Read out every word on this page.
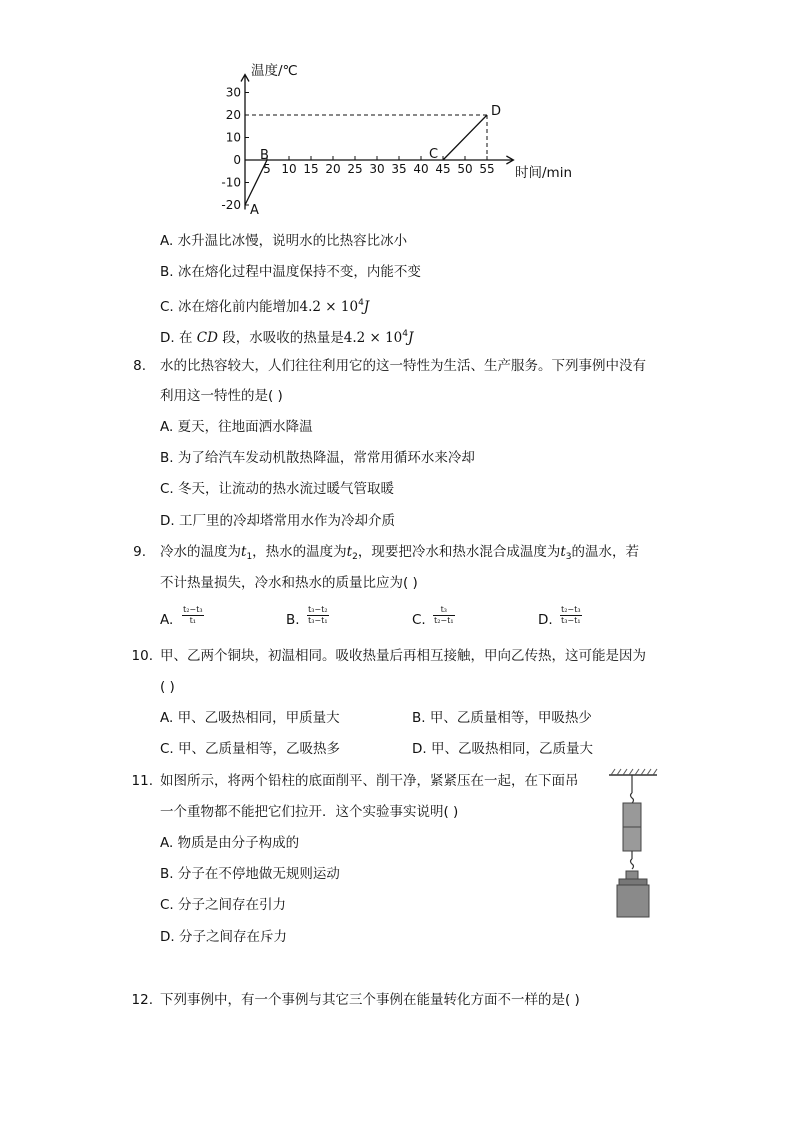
30
20
10
0
-10
-20
5 10 15 20 25 30 35 40 45 50 55
A
B	C
D
温度/℃
时间/min
A. 水升温比冰慢，说明水的比热容比冰小
B. 冰在熔化过程中温度保持不变，内能不变
C. 冰在熔化前内能增加$4.2 \times 10^4J$
D. 在 CD 段，水吸收的热量是$4.2 \times 10^4J$
8. 水的比热容较大，人们往往利用它的这一特性为生活、生产服务。下列事例中没有
利用这一特性的是( )
A. 夏天，往地面洒水降温
B. 为了给汽车发动机散热降温，常常用循环水来冷却
C. 冬天，让流动的热水流过暖气管取暖
D. 工厂里的冷却塔常用水作为冷却介质
9. 冷水的温度为$t_1$，热水的温度为$t_2$，现要把冷水和热水混合成温度为$t_3$的温水，若
不计热量损失，冷水和热水的质量比应为( )
A. $\frac{\text{t₂−t₃}}{\text{t₁}}$	B. $\frac{\text{t₃−t₂}}{\text{t₃−t₁}}$	C. $\frac{\text{t₃}}{\text{t₂−t₁}}$	D. $\frac{\text{t₂−t₃}}{\text{t₃−t₁}}$
10. 甲、乙两个铜块，初温相同。吸收热量后再相互接触，甲向乙传热，这可能是因为
( )
A. 甲、乙吸热相同，甲质量大	B. 甲、乙质量相等，甲吸热少
C. 甲、乙质量相等，乙吸热多	D. 甲、乙吸热相同，乙质量大
11. 如图所示，将两个铅柱的底面削平、削干净，紧紧压在一起，在下面吊
一个重物都不能把它们拉开．这个实验事实说明( )
A. 物质是由分子构成的
B. 分子在不停地做无规则运动
C. 分子之间存在引力
D. 分子之间存在斥力
12. 下列事例中，有一个事例与其它三个事例在能量转化方面不一样的是( )
